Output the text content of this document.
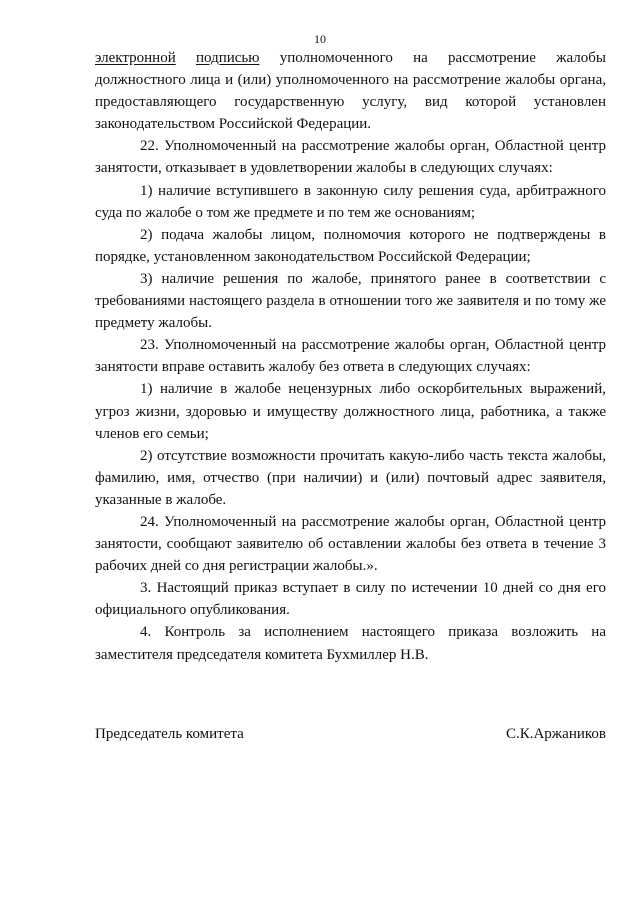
10

электронной подписью уполномоченного на рассмотрение жалобы должностного лица и (или) уполномоченного на рассмотрение жалобы органа, предоставляющего государственную услугу, вид которой установлен законодательством Российской Федерации.

22. Уполномоченный на рассмотрение жалобы орган, Областной центр занятости, отказывает в удовлетворении жалобы в следующих случаях:

1) наличие вступившего в законную силу решения суда, арбитражного суда по жалобе о том же предмете и по тем же основаниям;

2) подача жалобы лицом, полномочия которого не подтверждены в порядке, установленном законодательством Российской Федерации;

3) наличие решения по жалобе, принятого ранее в соответствии с требованиями настоящего раздела в отношении того же заявителя и по тому же предмету жалобы.

23. Уполномоченный на рассмотрение жалобы орган, Областной центр занятости вправе оставить жалобу без ответа в следующих случаях:

1) наличие в жалобе нецензурных либо оскорбительных выражений, угроз жизни, здоровью и имуществу должностного лица, работника, а также членов его семьи;

2) отсутствие возможности прочитать какую-либо часть текста жалобы, фамилию, имя, отчество (при наличии) и (или) почтовый адрес заявителя, указанные в жалобе.

24. Уполномоченный на рассмотрение жалобы орган, Областной центр занятости, сообщают заявителю об оставлении жалобы без ответа в течение 3 рабочих дней со дня регистрации жалобы.».

3. Настоящий приказ вступает в силу по истечении 10 дней со дня его официального опубликования.

4. Контроль за исполнением настоящего приказа возложить на заместителя председателя комитета Бухмиллер Н.В.

Председатель комитета	С.К.Аржаников
